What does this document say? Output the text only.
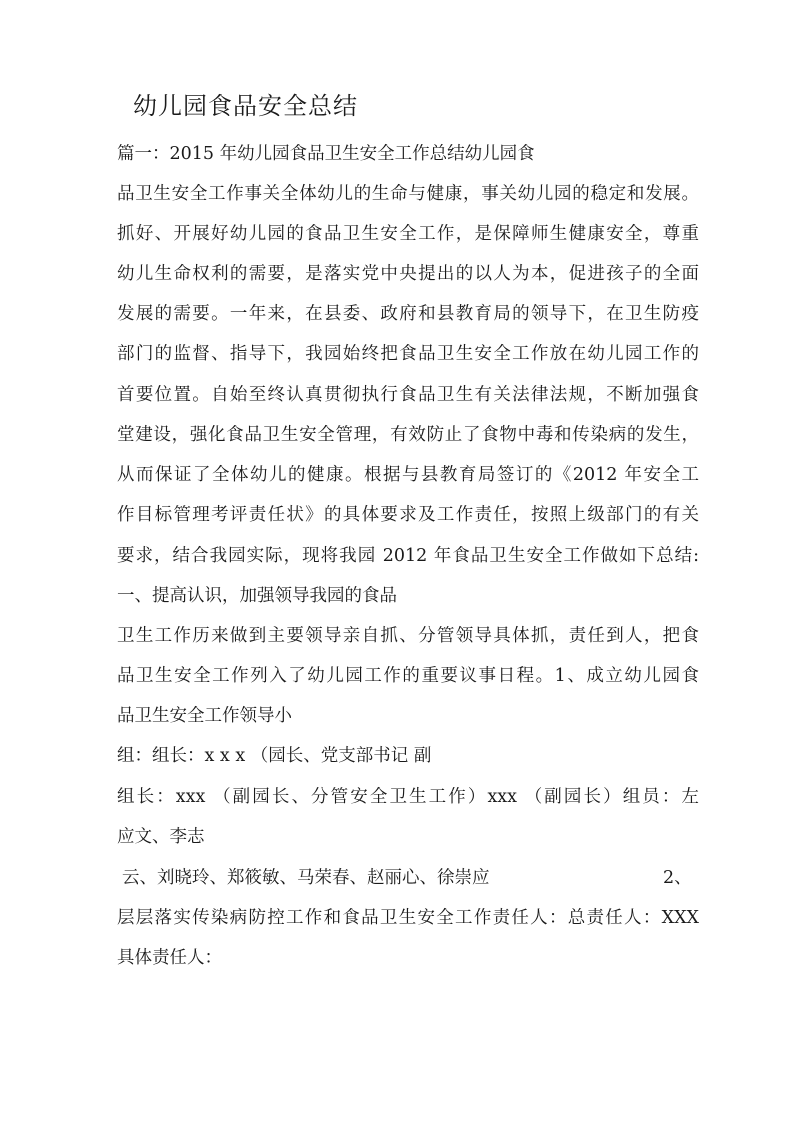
幼儿园食品安全总结
篇一：2015 年幼儿园食品卫生安全工作总结幼儿园食
品卫生安全工作事关全体幼儿的生命与健康，事关幼儿园的稳定和发展。
抓好、开展好幼儿园的食品卫生安全工作，是保障师生健康安全，尊重
幼儿生命权利的需要，是落实党中央提出的以人为本，促进孩子的全面
发展的需要。一年来，在县委、政府和县教育局的领导下，在卫生防疫
部门的监督、指导下，我园始终把食品卫生安全工作放在幼儿园工作的
首要位置。自始至终认真贯彻执行食品卫生有关法律法规，不断加强食
堂建设，强化食品卫生安全管理，有效防止了食物中毒和传染病的发生，
从而保证了全体幼儿的健康。根据与县教育局签订的《2012 年安全工
作目标管理考评责任状》的具体要求及工作责任，按照上级部门的有关
要求，结合我园实际，现将我园 2012 年食品卫生安全工作做如下总结:
一、提高认识，加强领导我园的食品
卫生工作历来做到主要领导亲自抓、分管领导具体抓，责任到人，把食
品卫生安全工作列入了幼儿园工作的重要议事日程。1、成立幼儿园食
品卫生安全工作领导小
组：组长：x x x （园长、党支部书记 副
组长：xxx （副园长、分管安全卫生工作）xxx （副园长）组员：左
应文、李志
云、刘晓玲、郑筱敏、马荣春、赵丽心、徐崇应	2、
层层落实传染病防控工作和食品卫生安全工作责任人：总责任人：XXX
具体责任人：
